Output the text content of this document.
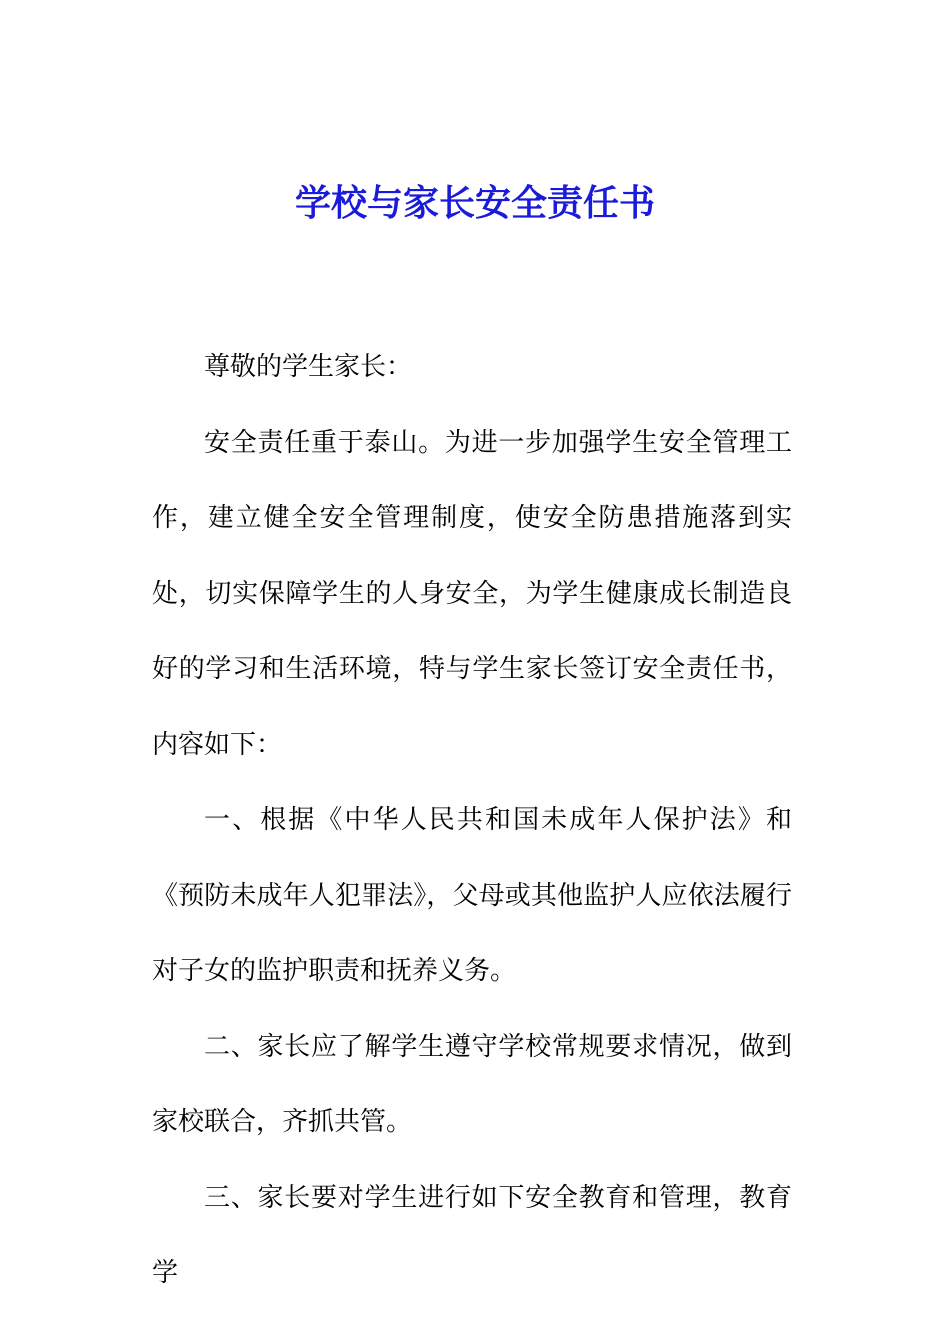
学校与家长安全责任书

尊敬的学生家长：

安全责任重于泰山。为进一步加强学生安全管理工作，建立健全安全管理制度，使安全防患措施落到实处，切实保障学生的人身安全，为学生健康成长制造良好的学习和生活环境，特与学生家长签订安全责任书，内容如下：

一、根据《中华人民共和国未成年人保护法》和《预防未成年人犯罪法》，父母或其他监护人应依法履行对子女的监护职责和抚养义务。

二、家长应了解学生遵守学校常规要求情况，做到家校联合，齐抓共管。

三、家长要对学生进行如下安全教育和管理，教育学
